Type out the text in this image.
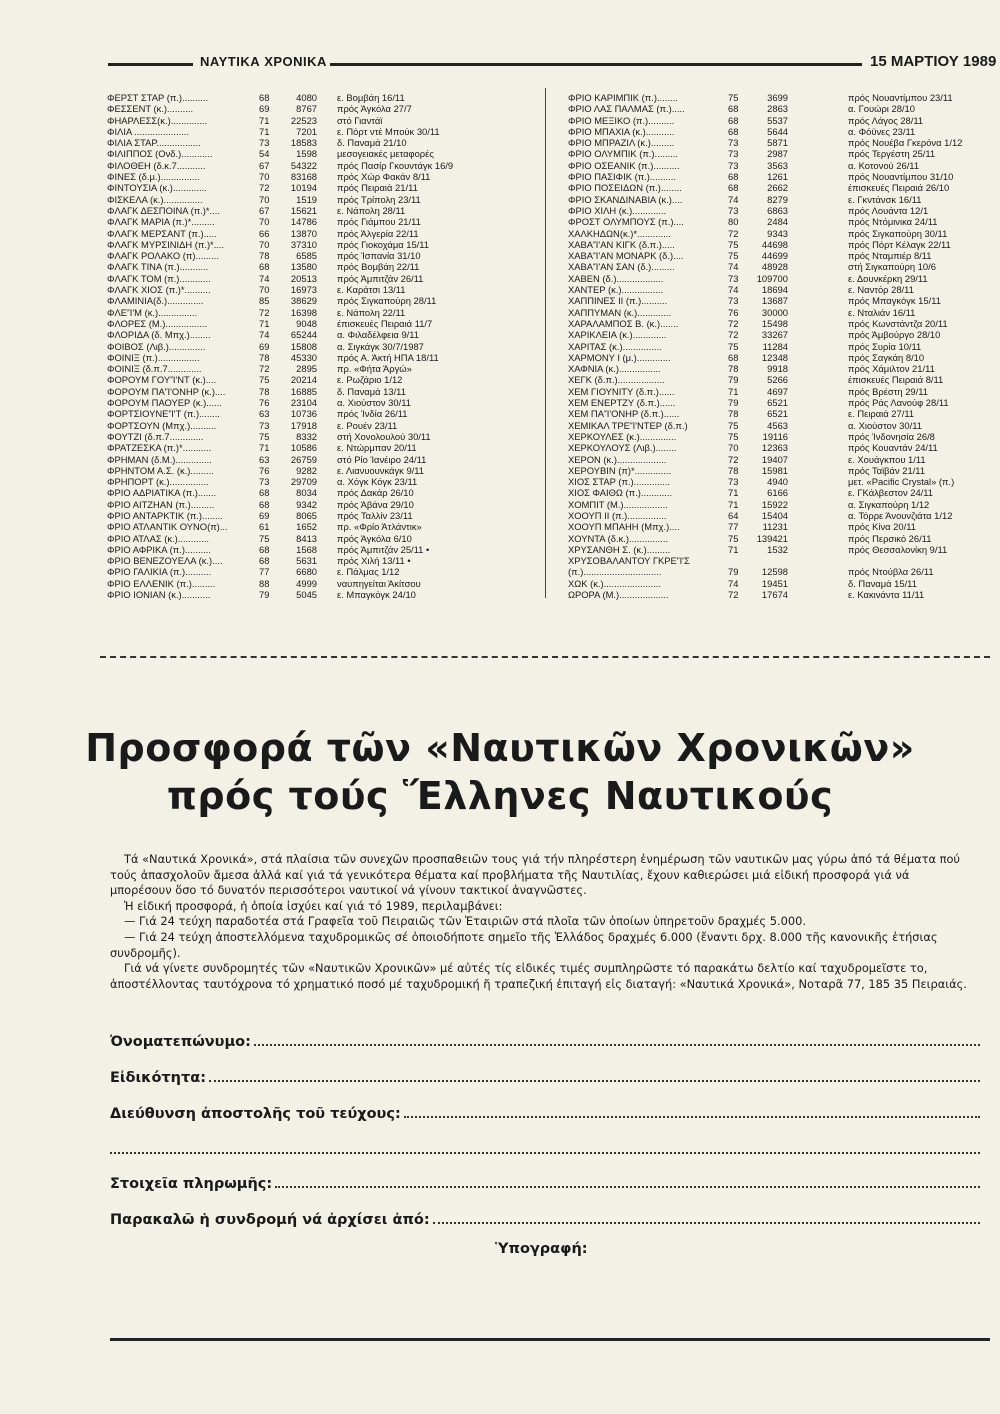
ΝΑΥΤΙΚΑ ΧΡΟΝΙΚΑ	15 ΜΑΡΤΙΟΥ 1989
ΦΕΡΣΤ ΣΤΑΡ (π.)..........	68	4080 ε. Βομβάη 16/11
ΦΕΣΣΕΝΤ (κ.)..........	69	8767 πρός Άγκόλα 27/7
ΦΗΑΡΛΕΣΣ(κ.)..............	71	22523 στό Γιαντάϊ
ΦΙΛΙΑ .....................	71	7201 ε. Πόρτ ντέ Μπούκ 30/11
ΦΙΛΙΑ ΣΤΑΡ.................	73	18583 δ. Παναμά 21/10
ΦΙΛΙΠΠΟΣ (Ονδ.)............	54	1598 μεσογειακές μεταφορές
ΦΙΛΟΘΕΗ (δ.κ.7...........	67	54322 πρός Πασίρ Γκουντάγκ 16/9
ΦΙΝΕΣ (δ.μ.)...............	70	83168 πρός Χώρ Φακάν 8/11
ΦΙΝΤΟΥΣΙΑ (κ.).............	72	10194 πρός Πειραιά 21/11
ΦΙΣΚΕΛΑ (κ.)...............	70	1519 πρός Τρίπολη 23/11
ΦΛΑΓΚ ΔΕΣΠΟΙΝΑ (π.)*....	67	15621 ε. Νάπολη 28/11
ΦΛΑΓΚ ΜΑΡΙΑ (π.)*.........	70	14786 πρός Γιάμπου 21/11
ΦΛΑΓΚ ΜΕΡΣΑΝΤ (π.).....	66	13870 πρός Άλγερία 22/11
ΦΛΑΓΚ ΜΥΡΣΙΝΙΔΗ (π.)*....	70	37310 πρός Γιοκοχάμα 15/11
ΦΛΑΓΚ ΡΟΛΑΚΟ (π).........	78	6585 πρός Ίσπανία 31/10
ΦΛΑΓΚ ΤΙΝΑ (π.)...........	68	13580 πρός Βομβάη 22/11
ΦΛΑΓΚ ΤΟΜ (π.)............	74	20513 πρός Άμπιτζάν 26/11
ΦΛΑΓΚ ΧΙΟΣ (π.)*..........	70	16973 ε. Καράτσι 13/11
ΦΛΑΜΙΝΙΑ(δ.)..............	85	38629 πρός Σιγκαπούρη 28/11
ΦΛΕ'Ί'Μ (κ.)...............	72	16398 ε. Νάπολη 22/11
ΦΛΟΡΕΣ (Μ.)................	71	9048 έπισκευές Πειραιά 11/7
ΦΛΟΡΙΔΑ (δ. Μπχ.)........	74	65244 α. Φιλαδέλφεια 9/11
ΦΟΙΒΟΣ (Λιβ.)..............	69	15808 α. Σιγκάγκ 30/7/1987
ΦΟΙΝΙΞ (π.)................	78	45330 πρός Α. Άκτή ΗΠΑ 18/11
ΦΟΙΝΙΞ (δ.π.7.............	72	2895 πρ. «Φήτα Άργώ»
ΦΟΡΟΥΜ ΓΟΥ'Ί'ΝΤ (κ.)....	75	20214 ε. Ρωζάριο 1/12
ΦΟΡΟΥΜ ΠΑ'Ί'ΟΝΗΡ (κ.)....	78	16885 δ. Παναμά 13/11
ΦΟΡΟΥΜ ΠΑΟΥΕΡ (κ.)......	76	23104 α. Χιούστον 30/11
ΦΟΡΤΣΙΟΥΝΕ'Ί'Τ (π.)........	63	10736 πρός Ίνδία 26/11
ΦΟΡΤΣΟΥΝ (Μπχ.)..........	73	17918 ε. Ρουέν 23/11
ΦΟΥΤΖΙ (δ.π.7.............	75	8332 στή Χονολουλού 30/11
ΦΡΑΤΖΕΣΚΑ (π.)*...........	71	10586 ε. Ντώρμπαν 20/11
ΦΡΗΜΑΝ (δ.Μ.)..............	63	26759 στό Ρίο Ίανέιρο 24/11
ΦΡΗΝΤΟΜ Α.Σ. (κ.).........	76	9282 ε. Λιανυουνκάγκ 9/11
ΦΡΗΠΟΡΤ (κ.)...............	73	29709 α. Χόγκ Κόγκ 23/11
ΦΡΙΟ ΑΔΡΙΑΤΙΚΑ (π.).......	68	8034 πρός Δακάρ 26/10
ΦΡΙΟ ΑΙΤΖΗΑΝ (π.).........	68	9342 πρός Άβάνα 29/10
ΦΡΙΟ ΑΝΤΑΡΚΤΙΚ (π.)........	69	8065 πρός Ταλλίν 23/11
ΦΡΙΟ ΑΤΛΑΝΤΙΚ ΟΥΝΟ(π)...	61	1652 πρ. «Φρίο Άτλάντικ»
ΦΡΙΟ ΑΤΛΑΣ (κ.)............	75	8413 πρός Άγκόλα 6/10
ΦΡΙΟ ΑΦΡΙΚΑ (π.)..........	68	1568 πρός Άμπιτζάν 25/11 •
ΦΡΙΟ ΒΕΝΕΖΟΥΕΛΑ (κ.)....	68	5631 πρός Χιλή 13/11 •
ΦΡΙΟ ΓΑΛΙΚΙΑ (π.)..........	77	6680 ε. Πάλμας 1/12
ΦΡΙΟ ΕΛΛΕΝΙΚ (π.).........	88	4999 ναυπηγείται Άκίτσου
ΦΡΙΟ ΙΟΝΙΑΝ (κ.)...........	79	5045 ε. Μπαγκόγκ 24/10
ΦΡΙΟ ΚΑΡΙΜΠΙΚ (π.)........	75	3699	πρός Νουαντίμπου 23/11
ΦΡΙΟ ΛΑΣ ΠΑΛΜΑΣ (π.).....	68	2863	α. Γουώρι 28/10
ΦΡΙΟ ΜΕΞΙΚΟ (π.)..........	68	5537	πρός Λάγος 28/11
ΦΡΙΟ ΜΠΑΧΙΑ (κ.)...........	68	5644	α. Φόϋνες 23/11
ΦΡΙΟ ΜΠΡΑΖΙΛ (κ.).........	73	5871	πρός Νουέβα Γκερόνα 1/12
ΦΡΙΟ ΟΛΥΜΠΙΚ (π.).........	73	2987	πρός Τεργέστη 25/11
ΦΡΙΟ ΟΣΕΑΝΙΚ (π.)..........	73	3563	α. Κοτονού 26/11
ΦΡΙΟ ΠΑΣΙΦΙΚ (π.)..........	68	1261	πρός Νουαντίμπου 31/10
ΦΡΙΟ ΠΟΣΕΙΔΩΝ (π.)........	68	2662	έπισκευές Πειραιά 26/10
ΦΡΙΟ ΣΚΑΝΔΙΝΑΒΙΑ (κ.)....	74	8279	ε. Γκντάνσκ 16/11
ΦΡΙΟ ΧΙΛΗ (κ.).............	73	6863	πρός Λουάντα 12/1
ΦΡΟΣΤ ΟΛΥΜΠΟΥΣ (π.)....	80	2484	πρός Ντόμινικα 24/11
ΧΑΛΚΗΔΩΝ(κ.)*.............	72	9343	πρός Σιγκαπούρη 30/11
ΧΑΒΑ'Ί'ΑΝ ΚΙΓΚ (δ.π.).....	75	44698	πρός Πόρτ Κέλαγκ 22/11
ΧΑΒΑ'Ί'ΑΝ ΜΟΝΑΡΚ (δ.)....	75	44699	πρός Νταμπιέρ 8/11
ΧΑΒΑ'Ί'ΑΝ ΣΑΝ (δ.).........	74	48928	στή Σιγκαπούρη 10/6
ΧΑΒΕΝ (δ.)..................	73	109700	ε. Δουνκέρκη 29/11
ΧΑΝΤΕΡ (κ.)................	74	18694	ε. Ναντόρ 28/11
ΧΑΠΠΙΝΕΣ ΙΙ (π.)..........	73	13687	πρός Μπαγκόγκ 15/11
ΧΑΠΠΥΜΑΝ (κ.).............	76	30000	ε. Νταλιάν 16/11
ΧΑΡΑΛΑΜΠΟΣ Β. (κ.).......	72	15498	πρός Κωνστάντζα 20/11
ΧΑΡΙΚΛΕΙΑ (κ.).............	72	33267	πρός Άμβούργο 28/10
ΧΑΡΙΤΑΣ (κ.)...............	75	11284	πρός Συρία 10/11
ΧΑΡΜΟΝΥ Ι (μ.).............	68	12348	πρός Σαγκάη 8/10
ΧΑΦΝΙΑ (κ.)................	78	9918	πρός Χάμιλτον 21/11
ΧΕΓΚ (δ.π.)..................	79	5266	έπισκευές Πειραιά 8/11
ΧΕΜ ΓΙΟΥΝΙΤΥ (δ.π.)......	71	4697	πρός Βρέστη 29/11
ΧΕΜ ΕΝΕΡΤΖΥ (δ.π.)......	79	6521	πρός Ράς Λανούφ 28/11
ΧΕΜ ΠΑ'Ί'ΟΝΗΡ (δ.π.)......	78	6521	ε. Πειραιά 27/11
ΧΕΜΙΚΑΛ ΤΡΕ'Ί'ΝΤΕΡ (δ.π.)	75	4563	α. Χιούστον 30/11
ΧΕΡΚΟΥΛΕΣ (κ.)..............	75	19116	πρός Ίνδονησία 26/8
ΧΕΡΚΟΥΛΟΥΣ (Λιβ.)........	70	12363	πρός Κουαντάν 24/11
ΧΕΡΟΝ (κ.)...................	72	19407	ε. Χουάγκπου 1/11
ΧΕΡΟΥΒΙΝ (π)*..............	78	15981	πρός Ταϊβάν 21/11
ΧΙΟΣ ΣΤΑΡ (π.)..............	73	4940	μετ. «Pacific Crystal» (π.)
ΧΙΟΣ ΦΑΙΘΩ (π.)............	71	6166	ε. ΓΚάλβεστον 24/11
ΧΟΜΠΙΤ (Μ.).................	71	15922	α. Σιγκαπούρη 1/12
ΧΟΟΥΠ ΙΙ (π.)...............	64	15404	α. Τόρρε Άνουνζιάτα 1/12
ΧΟΟΥΠ ΜΠΑΗΗ (Μπχ.)....	77	11231	πρός Κίνα 20/11
ΧΟΥΝΤΑ (δ.κ.)...............	75	139421	πρός Περσικό 26/11
ΧΡΥΣΑΝΘΗ Σ. (κ.).........	71	1532	πρός Θεσσαλονίκη 9/11
ΧΡΥΣΟΒΑΛΑΝΤΟΥ ΓΚΡΕ'Ί'Σ
(π.)..............................	79	12598	πρός Ντούβλα 26/11
ΧΩΚ (κ.)......................	74	19451	δ. Παναμά 15/11
ΩΡΟΡΑ (Μ.)...................	72	17674	ε. Κακινάντα 11/11
Προσφορά τῶν «Ναυτικῶν Χρονικῶν»
πρός τούς Ἕλληνες Ναυτικούς

Τά «Ναυτικά Χρονικά», στά πλαίσια τῶν συνεχῶν προσπαθειῶν τους γιά τήν πληρέστερη ἐνημέρωση τῶν ναυτικῶν μας γύρω ἀπό τά θέματα πού τούς ἀπασχολοῦν ἄμεσα ἀλλά καί γιά τά γενικότερα θέματα καί προβλήματα τῆς Ναυτιλίας, ἔχουν καθιερώσει μιά εἰδική προσφορά γιά νά μπορέσουν ὅσο τό δυνατόν περισσότεροι ναυτικοί νά γίνουν τακτικοί ἀναγνῶστες.

Ἡ εἰδική προσφορά, ἡ ὁποία ἰσχύει καί γιά τό 1989, περιλαμβάνει:

— Γιά 24 τεύχη παραδοτέα στά Γραφεῖα τοῦ Πειραιῶς τῶν Ἑταιριῶν στά πλοῖα τῶν ὁποίων ὑπηρετοῦν δραχμές 5.000.

— Γιά 24 τεύχη ἀποστελλόμενα ταχυδρομικῶς σέ ὁποιοδήποτε σημεῖο τῆς Ἑλλάδος δραχμές 6.000 (ἔναντι δρχ. 8.000 τῆς κανονικῆς ἐτήσιας συνδρομῆς).

Γιά νά γίνετε συνδρομητές τῶν «Ναυτικῶν Χρονικῶν» μέ αὐτές τίς εἰδικές τιμές συμπληρῶστε τό παρακάτω δελτίο καί ταχυδρομεῖστε το, ἀποστέλλοντας ταυτόχρονα τό χρηματικό ποσό μέ ταχυδρομική ἤ τραπεζική ἐπιταγή εἰς διαταγή: «Ναυτικά Χρονικά», Νοταρᾶ 77, 185 35 Πειραιάς.

Ὀνοματεπώνυμο:
Εἰδικότητα:
Διεύθυνση ἀποστολῆς τοῦ τεύχους:
Στοιχεῖα πληρωμῆς:
Παρακαλῶ ἡ συνδρομή νά ἀρχίσει ἀπό:
Ὑπογραφή:
